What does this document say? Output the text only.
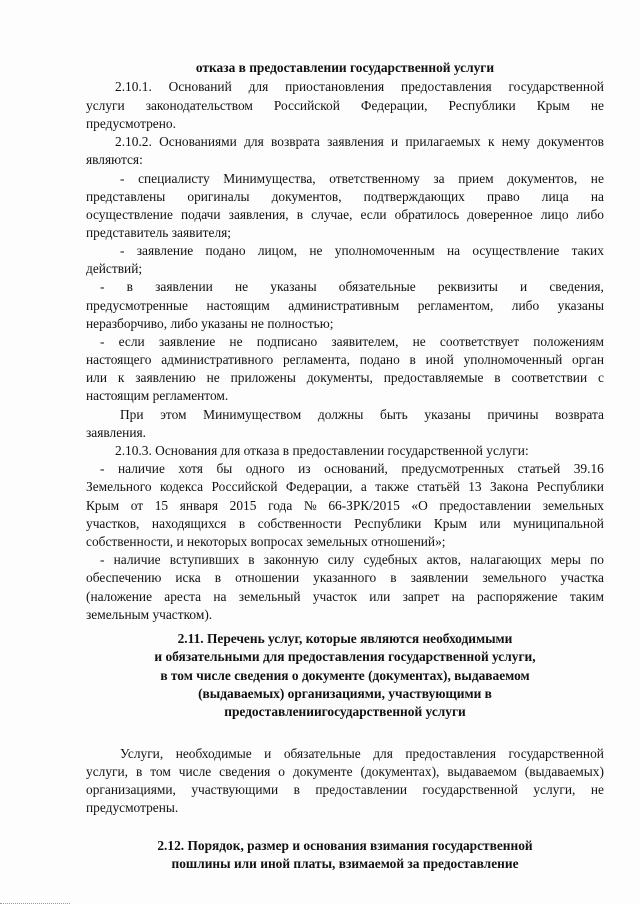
отказа в предоставлении государственной услуги
2.10.1. Оснований для приостановления предоставления государственной
услуги законодательством Российской Федерации, Республики Крым не
предусмотрено.
2.10.2. Основаниями для возврата заявления и прилагаемых к нему документов
являются:
- специалисту Минимущества, ответственному за прием документов, не
представлены оригиналы документов, подтверждающих право лица на
осуществление подачи заявления, в случае, если обратилось доверенное лицо либо
представитель заявителя;
- заявление подано лицом, не уполномоченным на осуществление таких
действий;
- в заявлении не указаны обязательные реквизиты и сведения,
предусмотренные настоящим административным регламентом, либо указаны
неразборчиво, либо указаны не полностью;
- если заявление не подписано заявителем, не соответствует положениям
настоящего административного регламента, подано в иной уполномоченный орган
или к заявлению не приложены документы, предоставляемые в соответствии с
настоящим регламентом.
При этом Минимуществом должны быть указаны причины возврата
заявления.
2.10.3. Основания для отказа в предоставлении государственной услуги:
- наличие хотя бы одного из оснований, предусмотренных статьей 39.16
Земельного кодекса Российской Федерации, а также статьёй 13 Закона Республики
Крым от 15 января 2015 года № 66-ЗРК/2015 «О предоставлении земельных
участков, находящихся в собственности Республики Крым или муниципальной
собственности, и некоторых вопросах земельных отношений»;
- наличие вступивших в законную силу судебных актов, налагающих меры по
обеспечению иска в отношении указанного в заявлении земельного участка
(наложение ареста на земельный участок или запрет на распоряжение таким
земельным участком).
2.11. Перечень услуг, которые являются необходимыми
и обязательными для предоставления государственной услуги,
в том числе сведения о документе (документах), выдаваемом
(выдаваемых) организациями, участвующими в
предоставлениигосударственной услуги
Услуги, необходимые и обязательные для предоставления государственной
услуги, в том числе сведения о документе (документах), выдаваемом (выдаваемых)
организациями, участвующими в предоставлении государственной услуги, не
предусмотрены.
2.12. Порядок, размер и основания взимания государственной
пошлины или иной платы, взимаемой за предоставление
